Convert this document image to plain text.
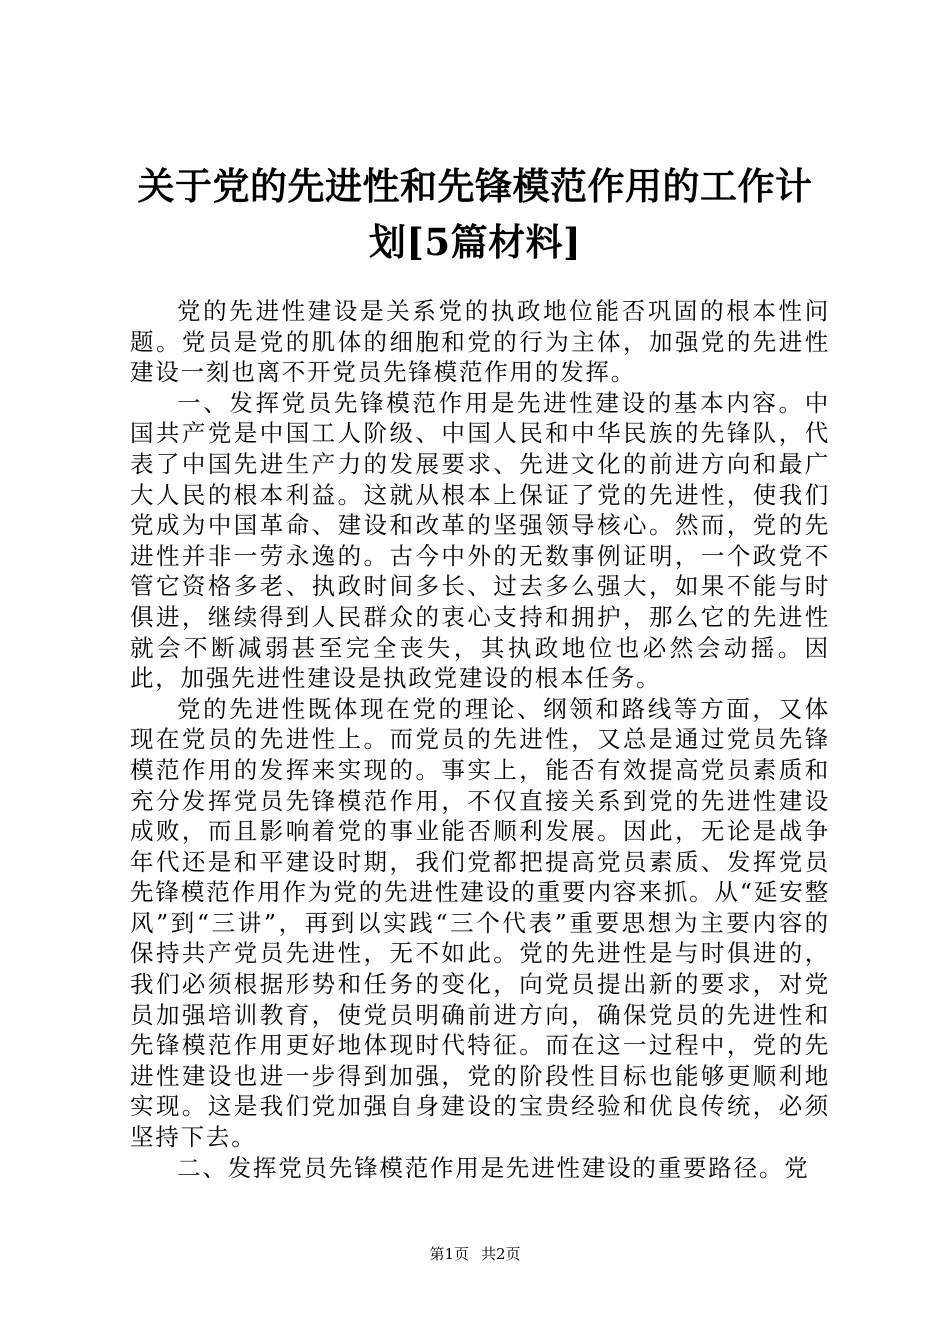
关于党的先进性和先锋模范作用的工作计划[5篇材料]

党的先进性建设是关系党的执政地位能否巩固的根本性问题。党员是党的肌体的细胞和党的行为主体，加强党的先进性建设一刻也离不开党员先锋模范作用的发挥。

一、发挥党员先锋模范作用是先进性建设的基本内容。中国共产党是中国工人阶级、中国人民和中华民族的先锋队，代表了中国先进生产力的发展要求、先进文化的前进方向和最广大人民的根本利益。这就从根本上保证了党的先进性，使我们党成为中国革命、建设和改革的坚强领导核心。然而，党的先进性并非一劳永逸的。古今中外的无数事例证明，一个政党不管它资格多老、执政时间多长、过去多么强大，如果不能与时俱进，继续得到人民群众的衷心支持和拥护，那么它的先进性就会不断减弱甚至完全丧失，其执政地位也必然会动摇。因此，加强先进性建设是执政党建设的根本任务。

党的先进性既体现在党的理论、纲领和路线等方面，又体现在党员的先进性上。而党员的先进性，又总是通过党员先锋模范作用的发挥来实现的。事实上，能否有效提高党员素质和充分发挥党员先锋模范作用，不仅直接关系到党的先进性建设成败，而且影响着党的事业能否顺利发展。因此，无论是战争年代还是和平建设时期，我们党都把提高党员素质、发挥党员先锋模范作用作为党的先进性建设的重要内容来抓。从“延安整风”到“三讲”，再到以实践“三个代表”重要思想为主要内容的保持共产党员先进性，无不如此。党的先进性是与时俱进的，我们必须根据形势和任务的变化，向党员提出新的要求，对党员加强培训教育，使党员明确前进方向，确保党员的先进性和先锋模范作用更好地体现时代特征。而在这一过程中，党的先进性建设也进一步得到加强，党的阶段性目标也能够更顺利地实现。这是我们党加强自身建设的宝贵经验和优良传统，必须坚持下去。

二、发挥党员先锋模范作用是先进性建设的重要路径。党

第1页 共2页
